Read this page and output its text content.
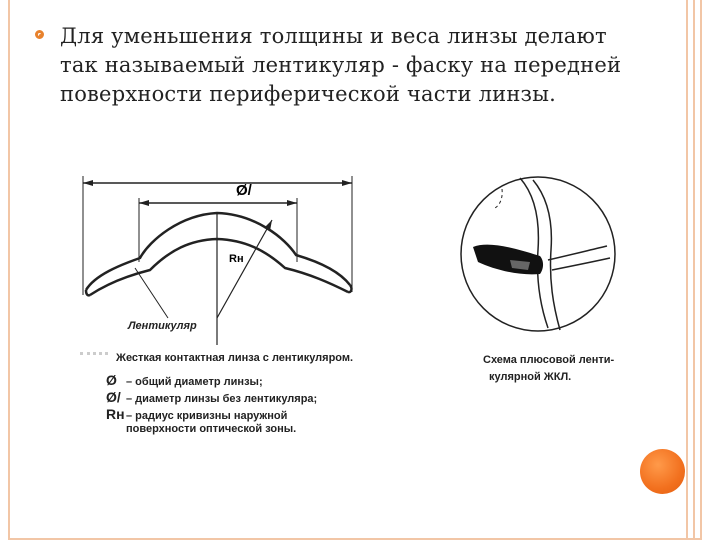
Для уменьшения толщины и веса линзы делают так называемый лентикуляр - фаску на передней поверхности периферической части линзы.
Ø/
Rн
Лентикуляр
Жесткая контактная линза с лентикуляром.
Ø – общий диаметр линзы;
Ø/ – диаметр линзы без лентикуляра;
Rн– радиус кривизны наружной
поверхности оптической зоны.
Схема плюсовой ленти-
кулярной ЖКЛ.
